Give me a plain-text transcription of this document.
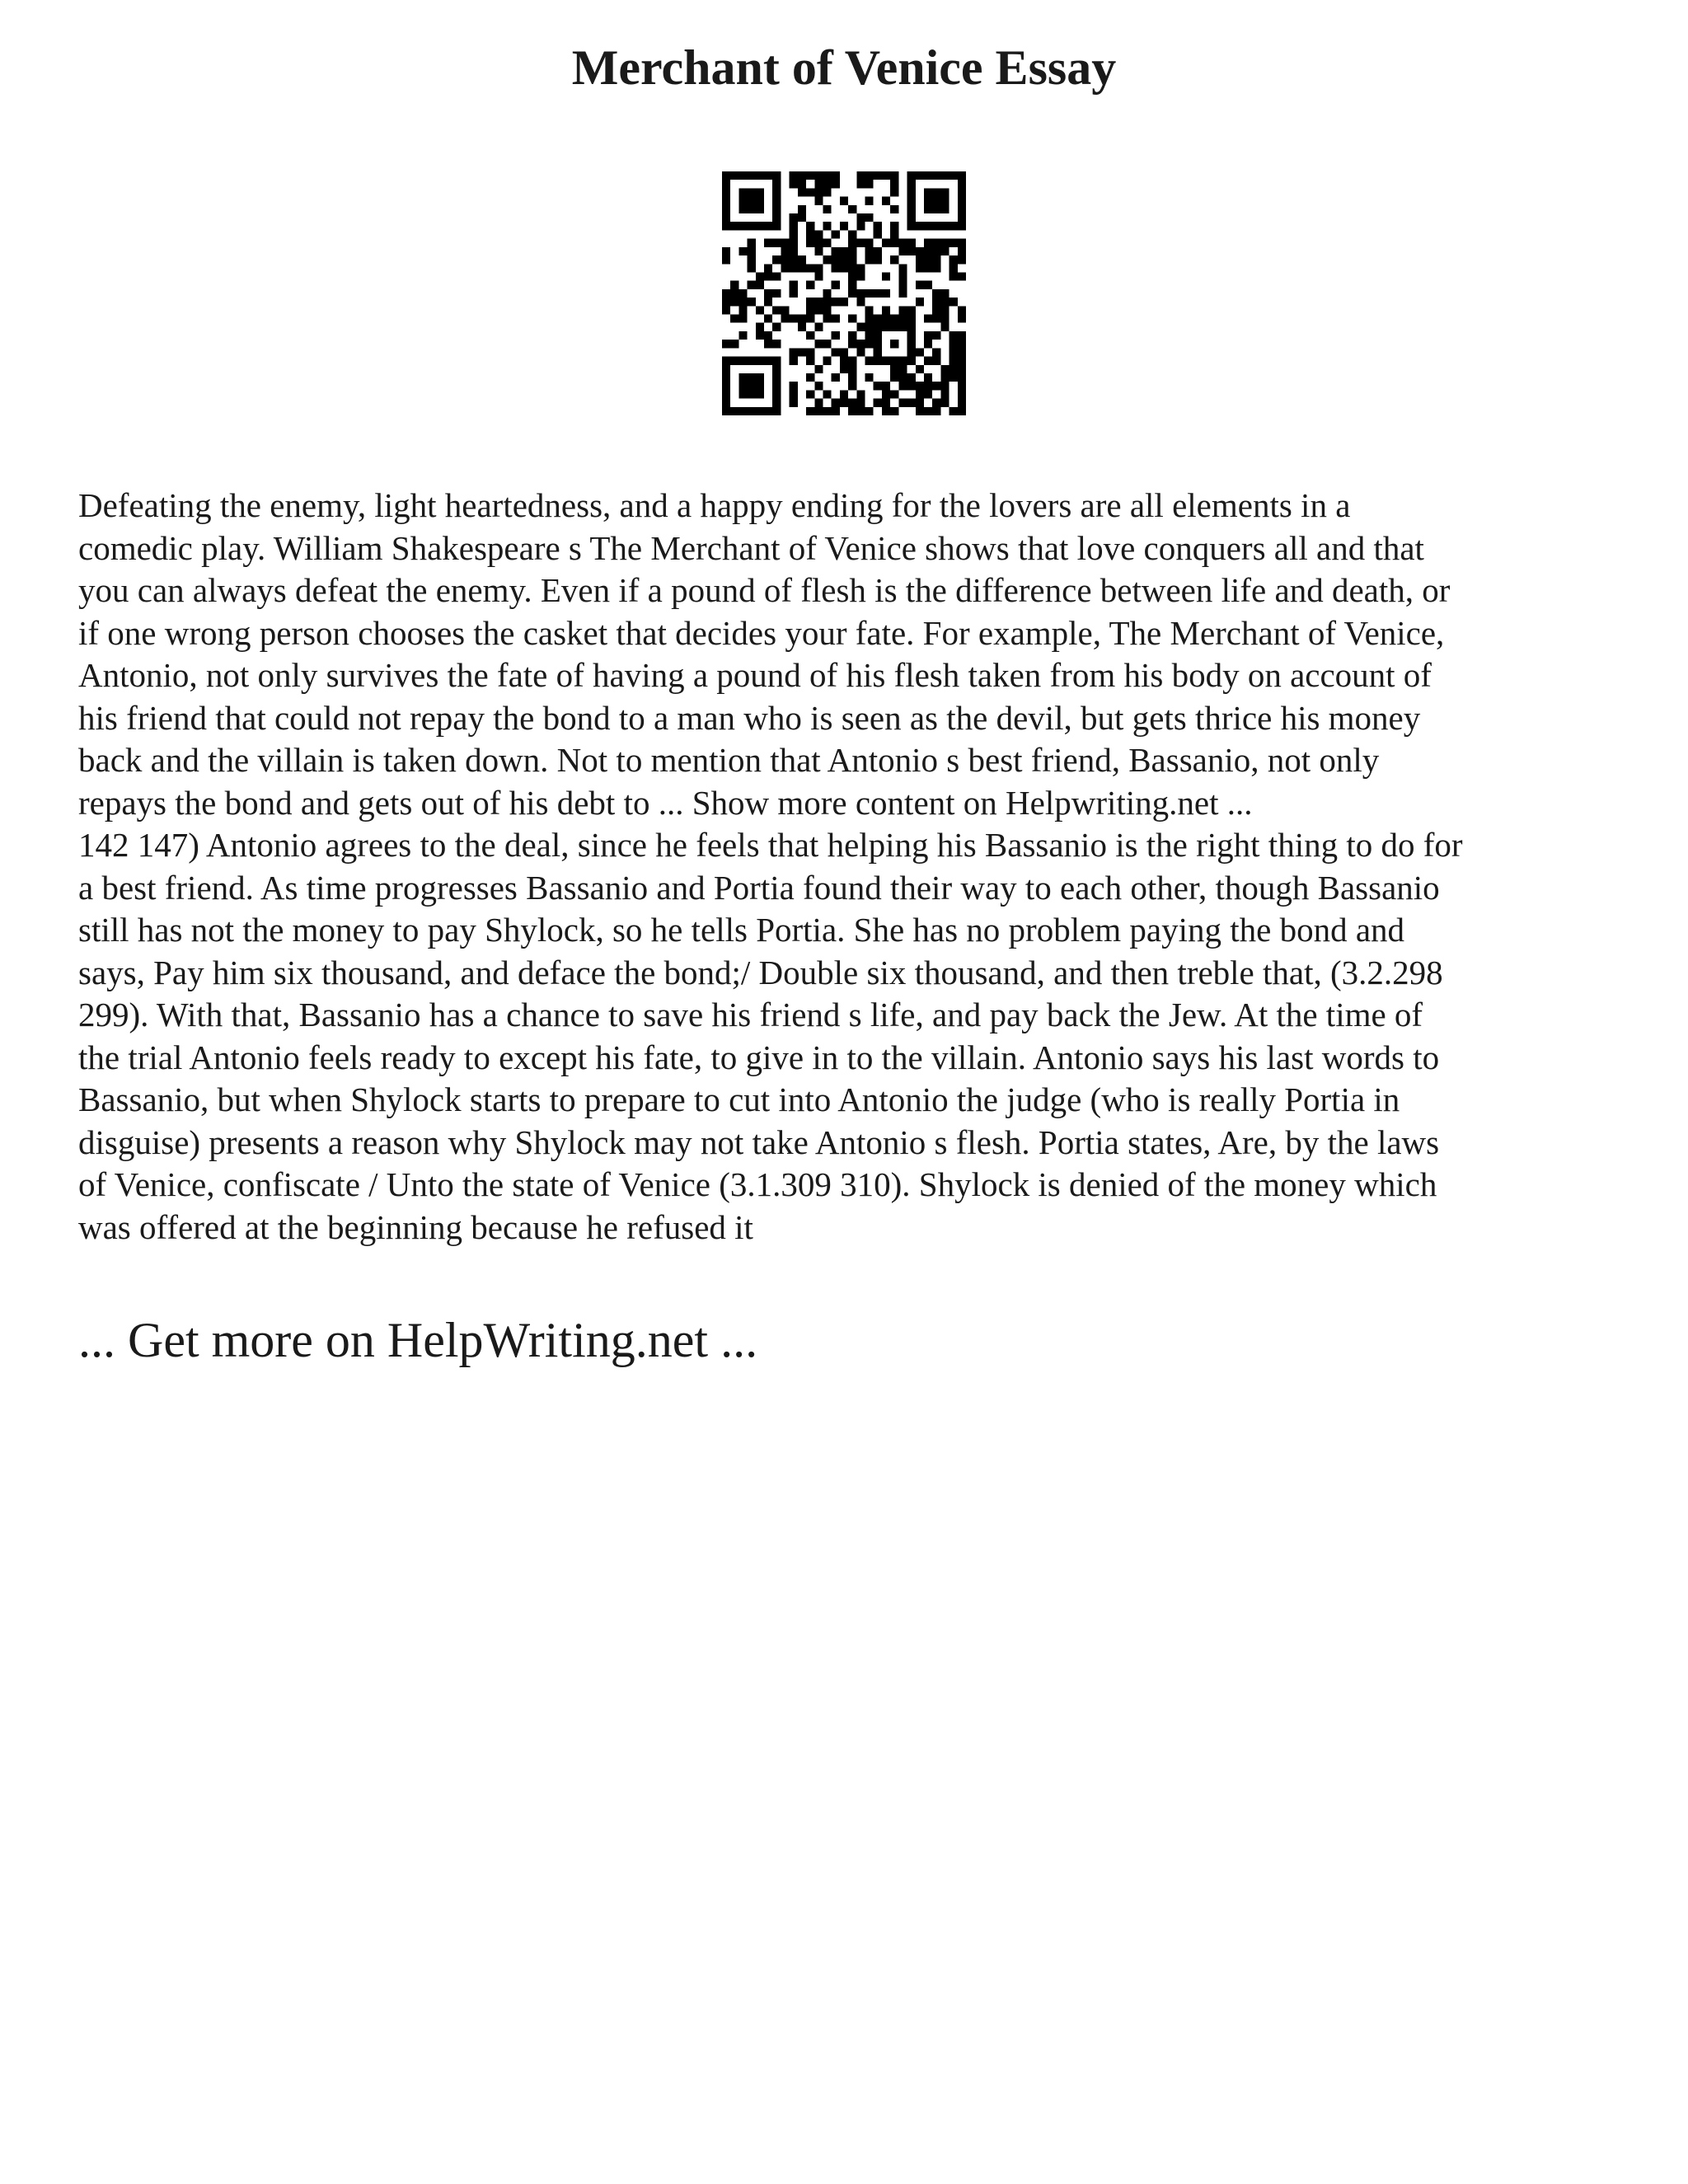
Merchant of Venice Essay
Defeating the enemy, light heartedness, and a happy ending for the lovers are all elements in a
comedic play. William Shakespeare s The Merchant of Venice shows that love conquers all and that
you can always defeat the enemy. Even if a pound of flesh is the difference between life and death, or
if one wrong person chooses the casket that decides your fate. For example, The Merchant of Venice,
Antonio, not only survives the fate of having a pound of his flesh taken from his body on account of
his friend that could not repay the bond to a man who is seen as the devil, but gets thrice his money
back and the villain is taken down. Not to mention that Antonio s best friend, Bassanio, not only
repays the bond and gets out of his debt to ... Show more content on Helpwriting.net ...
142 147) Antonio agrees to the deal, since he feels that helping his Bassanio is the right thing to do for
a best friend. As time progresses Bassanio and Portia found their way to each other, though Bassanio
still has not the money to pay Shylock, so he tells Portia. She has no problem paying the bond and
says, Pay him six thousand, and deface the bond;/ Double six thousand, and then treble that, (3.2.298
299). With that, Bassanio has a chance to save his friend s life, and pay back the Jew. At the time of
the trial Antonio feels ready to except his fate, to give in to the villain. Antonio says his last words to
Bassanio, but when Shylock starts to prepare to cut into Antonio the judge (who is really Portia in
disguise) presents a reason why Shylock may not take Antonio s flesh. Portia states, Are, by the laws
of Venice, confiscate / Unto the state of Venice (3.1.309 310). Shylock is denied of the money which
was offered at the beginning because he refused it
... Get more on HelpWriting.net ...
